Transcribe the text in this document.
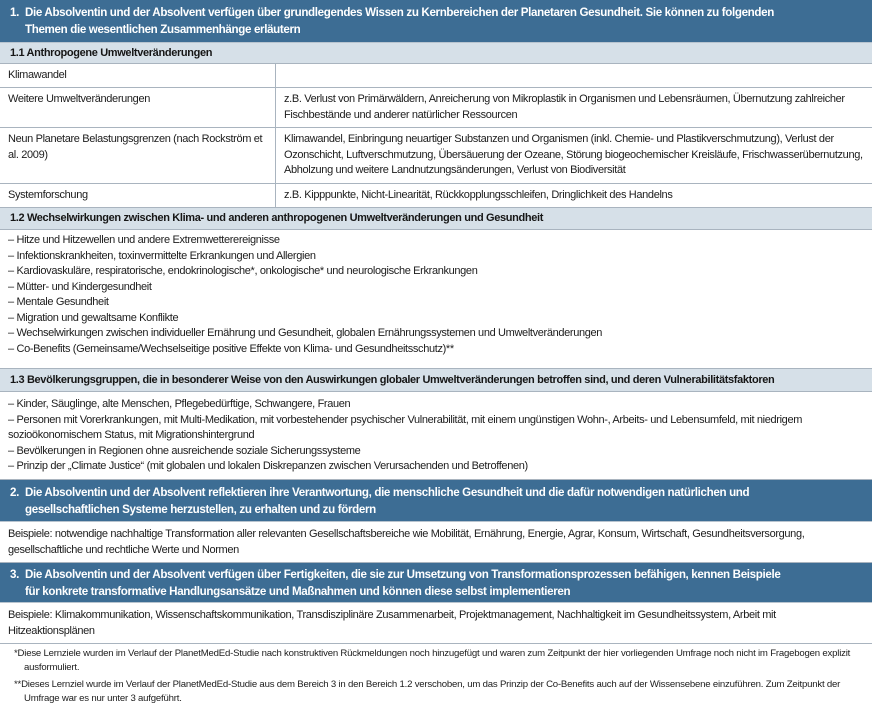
1. Die Absolventin und der Absolvent verfügen über grundlegendes Wissen zu Kernbereichen der Planetaren Gesundheit. Sie können zu folgenden
Themen die wesentlichen Zusammenhänge erläutern
1.1 Anthropogene Umweltveränderungen
Klimawandel
Weitere Umweltveränderungen	z.B. Verlust von Primärwäldern, Anreicherung von Mikroplastik in Organismen und Lebensräumen, Übernutzung zahlreicher Fischbestände und anderer natürlicher Ressourcen
Neun Planetare Belastungsgrenzen (nach Rockström et al. 2009)
Klimawandel, Einbringung neuartiger Substanzen und Organismen (inkl. Chemie- und Plastikverschmutzung), Verlust der Ozonschicht, Luftverschmutzung, Übersäuerung der Ozeane, Störung biogeochemischer Kreisläufe, Frischwasserübernutzung, Abholzung und weitere Landnutzungsänderungen, Verlust von Biodiversität
Systemforschung	z.B. Kipppunkte, Nicht-Linearität, Rückkopplungsschleifen, Dringlichkeit des Handelns
1.2 Wechselwirkungen zwischen Klima- und anderen anthropogenen Umweltveränderungen und Gesundheit
– Hitze und Hitzewellen und andere Extremwetterereignisse
– Infektionskrankheiten, toxinvermittelte Erkrankungen und Allergien
– Kardiovaskuläre, respiratorische, endokrinologische*, onkologische* und neurologische Erkrankungen
– Mütter- und Kindergesundheit
– Mentale Gesundheit
– Migration und gewaltsame Konflikte
– Wechselwirkungen zwischen individueller Ernährung und Gesundheit, globalen Ernährungssystemen und Umweltveränderungen
– Co-Benefits (Gemeinsame/Wechselseitige positive Effekte von Klima- und Gesundheitsschutz)**
1.3 Bevölkerungsgruppen, die in besonderer Weise von den Auswirkungen globaler Umweltveränderungen betroffen sind, und deren Vulnerabilitätsfaktoren
– Kinder, Säuglinge, alte Menschen, Pflegebedürftige, Schwangere, Frauen
– Personen mit Vorerkrankungen, mit Multi-Medikation, mit vorbestehender psychischer Vulnerabilität, mit einem ungünstigen Wohn-, Arbeits- und Lebensumfeld, mit niedrigem
sozioökonomischem Status, mit Migrationshintergrund
– Bevölkerungen in Regionen ohne ausreichende soziale Sicherungssysteme
– Prinzip der „Climate Justice“ (mit globalen und lokalen Diskrepanzen zwischen Verursachenden und Betroffenen)
2. Die Absolventin und der Absolvent reflektieren ihre Verantwortung, die menschliche Gesundheit und die dafür notwendigen natürlichen und
gesellschaftlichen Systeme herzustellen, zu erhalten und zu fördern
Beispiele: notwendige nachhaltige Transformation aller relevanten Gesellschaftsbereiche wie Mobilität, Ernährung, Energie, Agrar, Konsum, Wirtschaft, Gesundheitsversorgung, gesellschaftliche und rechtliche Werte und Normen
3. Die Absolventin und der Absolvent verfügen über Fertigkeiten, die sie zur Umsetzung von Transformationsprozessen befähigen, kennen Beispiele
für konkrete transformative Handlungsansätze und Maßnahmen und können diese selbst implementieren
Beispiele: Klimakommunikation, Wissenschaftskommunikation, Transdisziplinäre Zusammenarbeit, Projektmanagement, Nachhaltigkeit im Gesundheitssystem, Arbeit mit Hitzeaktionsplänen
*Diese Lernziele wurden im Verlauf der PlanetMedEd-Studie nach konstruktiven Rückmeldungen noch hinzugefügt und waren zum Zeitpunkt der hier vorliegenden Umfrage noch nicht im Fragebogen explizit ausformuliert.
**Dieses Lernziel wurde im Verlauf der PlanetMedEd-Studie aus dem Bereich 3 in den Bereich 1.2 verschoben, um das Prinzip der Co-Benefits auch auf der Wissensebene einzuführen. Zum Zeitpunkt der Umfrage war es nur unter 3 aufgeführt.
